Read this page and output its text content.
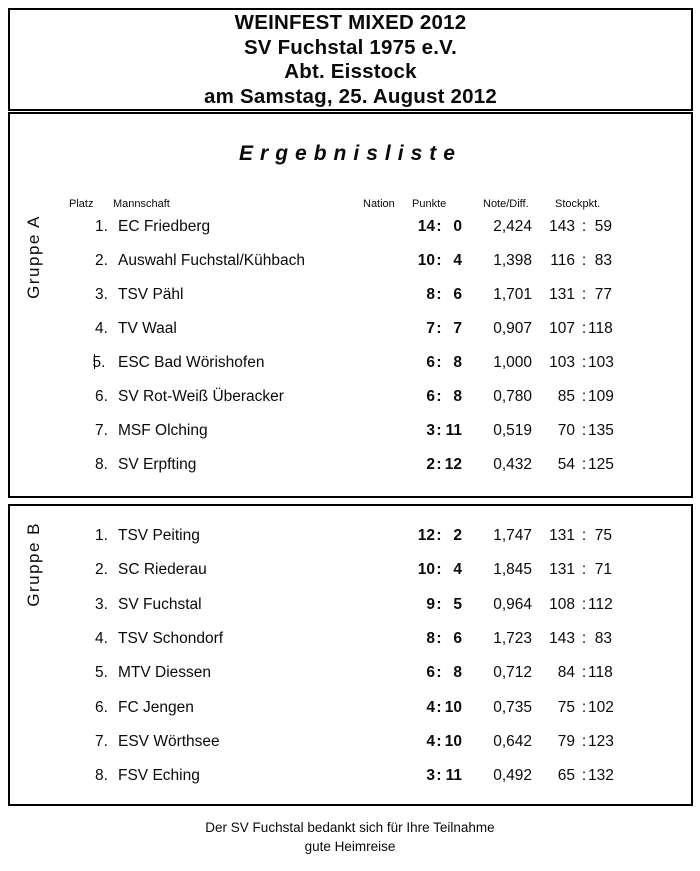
WEINFEST MIXED 2012
SV Fuchstal 1975 e.V.
Abt. Eisstock
am Samstag, 25. August 2012
Ergebnisliste
Platz Mannschaft	Nation Punkte	Note/Diff. Stockpkt.
Gruppe A	1. EC Friedberg	14 : 0	2,424	143 : 59
2. Auswahl Fuchstal/Kühbach	10 : 4	1,398	116 : 83
3. TSV Pähl	8 : 6	1,701	131 : 77
4. TV Waal	7 : 7	0,907	107 : 118
5. ESC Bad Wörishofen	6 : 8	1,000	103 : 103
6. SV Rot-Weiß Überacker	6 : 8	0,780	85 : 109
7. MSF Olching	3 : 11	0,519	70 : 135
8. SV Erpfting	2 : 12	0,432	54 : 125
Gruppe B	1. TSV Peiting	12 : 2	1,747	131 : 75
2. SC Riederau	10 : 4	1,845	131 : 71
3. SV Fuchstal	9 : 5	0,964	108 : 112
4. TSV Schondorf	8 : 6	1,723	143 : 83
5. MTV Diessen	6 : 8	0,712	84 : 118
6. FC Jengen	4 : 10	0,735	75 : 102
7. ESV Wörthsee	4 : 10	0,642	79 : 123
8. FSV Eching	3 : 11	0,492	65 : 132
Der SV Fuchstal bedankt sich für Ihre Teilnahme
gute Heimreise
